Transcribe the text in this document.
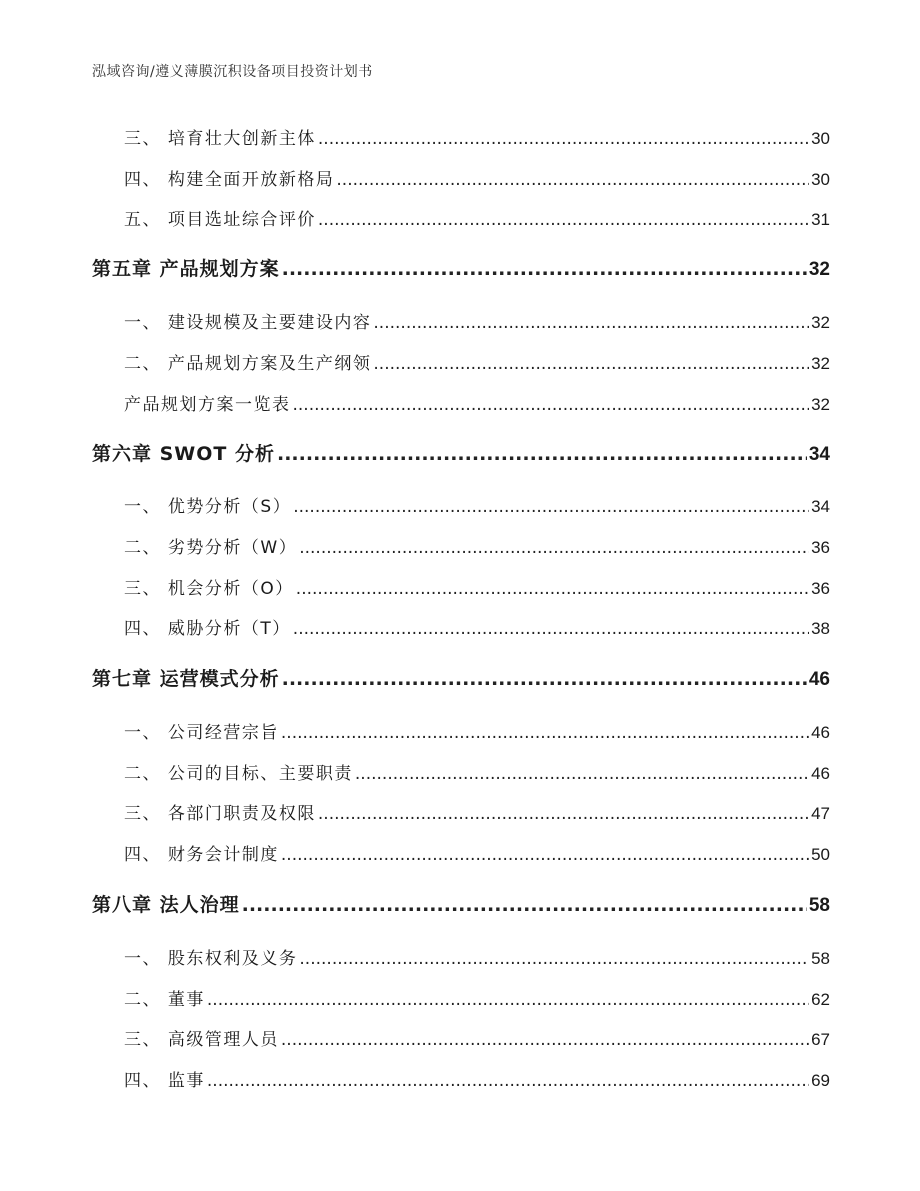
泓域咨询/遵义薄膜沉积设备项目投资计划书
三、 培育壮大创新主体 .....	30
四、 构建全面开放新格局 .....	30
五、 项目选址综合评价 .....	31
第五章 产品规划方案 .....	32
一、 建设规模及主要建设内容 .....	32
二、 产品规划方案及生产纲领 .....	32
产品规划方案一览表 .....	32
第六章 SWOT 分析 .....	34
一、 优势分析（S） .....	34
二、 劣势分析（W） .....	36
三、 机会分析（O） .....	36
四、 威胁分析（T） .....	38
第七章 运营模式分析 .....	46
一、 公司经营宗旨 .....	46
二、 公司的目标、主要职责 .....	46
三、 各部门职责及权限 .....	47
四、 财务会计制度 .....	50
第八章 法人治理 .....	58
一、 股东权利及义务 .....	58
二、 董事 .....	62
三、 高级管理人员 .....	67
四、 监事 .....	69
